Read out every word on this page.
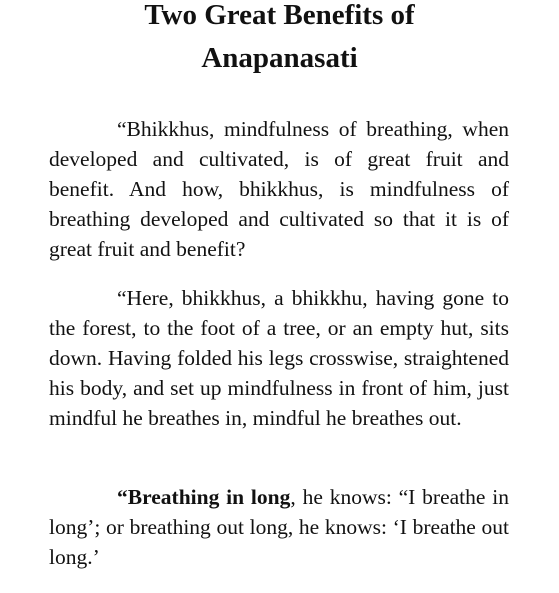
Two Great Benefits of
Anapanasati

“Bhikkhus, mindfulness of breathing, when developed and cultivated, is of great fruit and benefit. And how, bhikkhus, is mindfulness of breathing developed and cultivated so that it is of great fruit and benefit?

“Here, bhikkhus, a bhikkhu, having gone to the forest, to the foot of a tree, or an empty hut, sits down. Having folded his legs crosswise, straightened his body, and set up mindfulness in front of him, just mindful he breathes in, mindful he breathes out.

“Breathing in long, he knows: “I breathe in long’; or breathing out long, he knows: ‘I breathe out long.’
